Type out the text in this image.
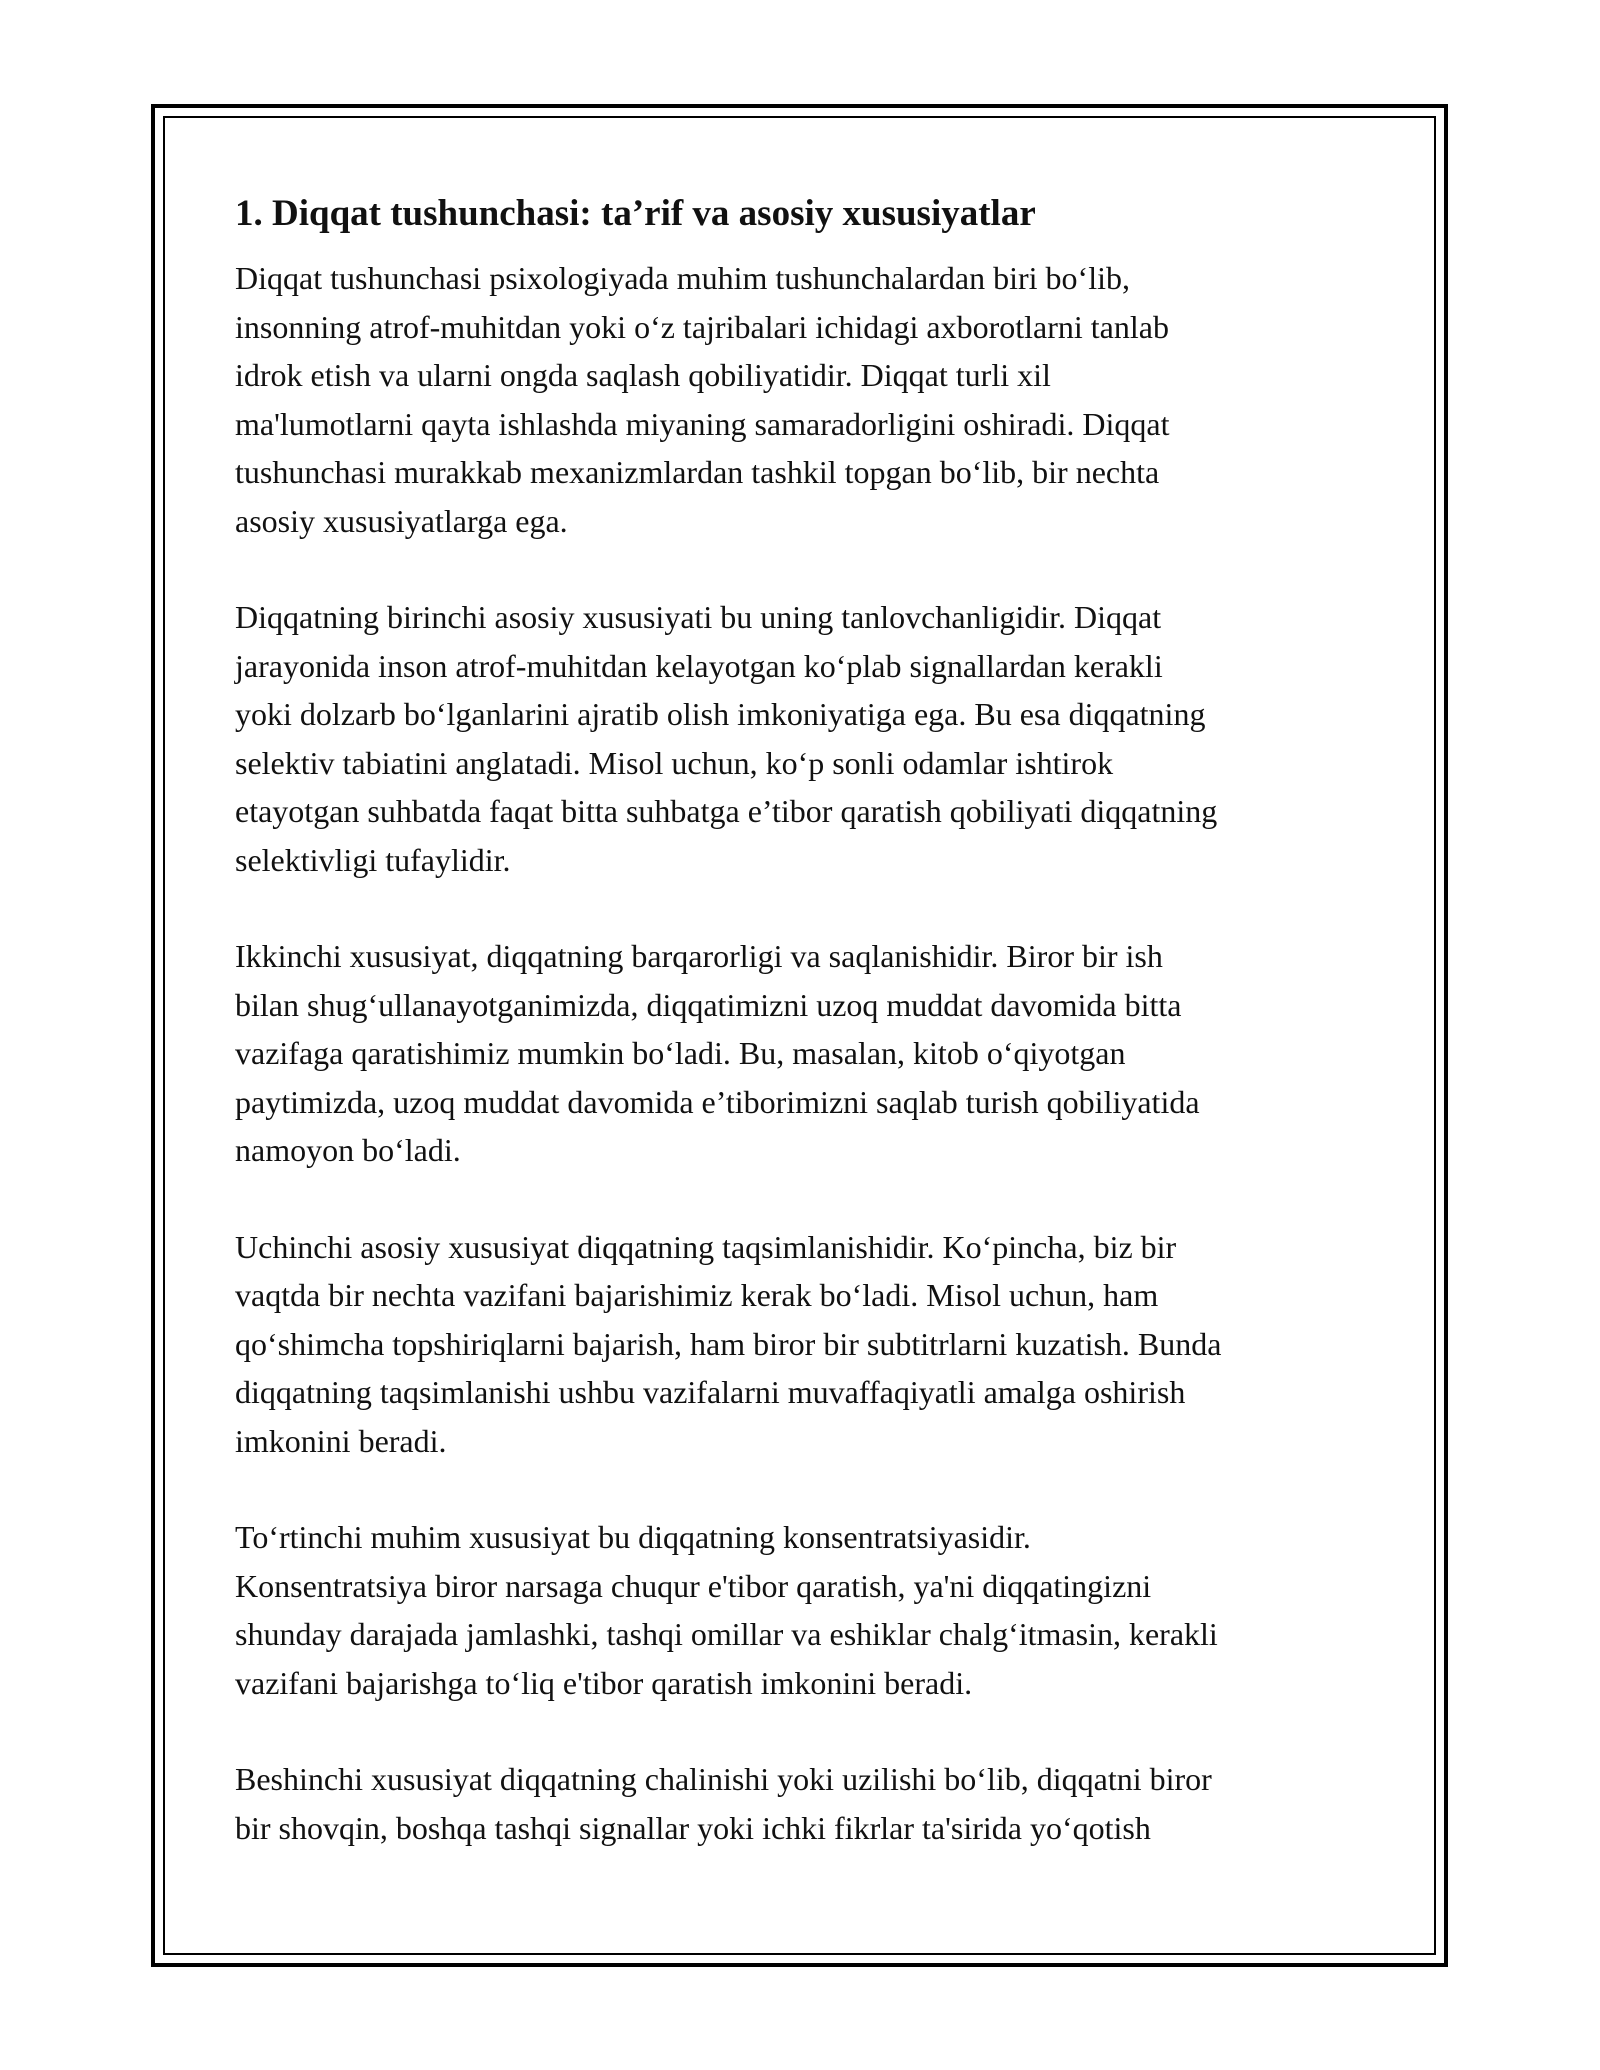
1. Diqqat tushunchasi: ta’rif va asosiy xususiyatlar

Diqqat tushunchasi psixologiyada muhim tushunchalardan biri bo‘lib,
insonning atrof-muhitdan yoki o‘z tajribalari ichidagi axborotlarni tanlab
idrok etish va ularni ongda saqlash qobiliyatidir. Diqqat turli xil
ma'lumotlarni qayta ishlashda miyaning samaradorligini oshiradi. Diqqat
tushunchasi murakkab mexanizmlardan tashkil topgan bo‘lib, bir nechta
asosiy xususiyatlarga ega.

Diqqatning birinchi asosiy xususiyati bu uning tanlovchanligidir. Diqqat
jarayonida inson atrof-muhitdan kelayotgan ko‘plab signallardan kerakli
yoki dolzarb bo‘lganlarini ajratib olish imkoniyatiga ega. Bu esa diqqatning
selektiv tabiatini anglatadi. Misol uchun, ko‘p sonli odamlar ishtirok
etayotgan suhbatda faqat bitta suhbatga e’tibor qaratish qobiliyati diqqatning
selektivligi tufaylidir.

Ikkinchi xususiyat, diqqatning barqarorligi va saqlanishidir. Biror bir ish
bilan shug‘ullanayotganimizda, diqqatimizni uzoq muddat davomida bitta
vazifaga qaratishimiz mumkin bo‘ladi. Bu, masalan, kitob o‘qiyotgan
paytimizda, uzoq muddat davomida e’tiborimizni saqlab turish qobiliyatida
namoyon bo‘ladi.

Uchinchi asosiy xususiyat diqqatning taqsimlanishidir. Ko‘pincha, biz bir
vaqtda bir nechta vazifani bajarishimiz kerak bo‘ladi. Misol uchun, ham
qo‘shimcha topshiriqlarni bajarish, ham biror bir subtitrlarni kuzatish. Bunda
diqqatning taqsimlanishi ushbu vazifalarni muvaffaqiyatli amalga oshirish
imkonini beradi.

To‘rtinchi muhim xususiyat bu diqqatning konsentratsiyasidir.
Konsentratsiya biror narsaga chuqur e'tibor qaratish, ya'ni diqqatingizni
shunday darajada jamlashki, tashqi omillar va eshiklar chalg‘itmasin, kerakli
vazifani bajarishga to‘liq e'tibor qaratish imkonini beradi.

Beshinchi xususiyat diqqatning chalinishi yoki uzilishi bo‘lib, diqqatni biror
bir shovqin, boshqa tashqi signallar yoki ichki fikrlar ta'sirida yo‘qotish
